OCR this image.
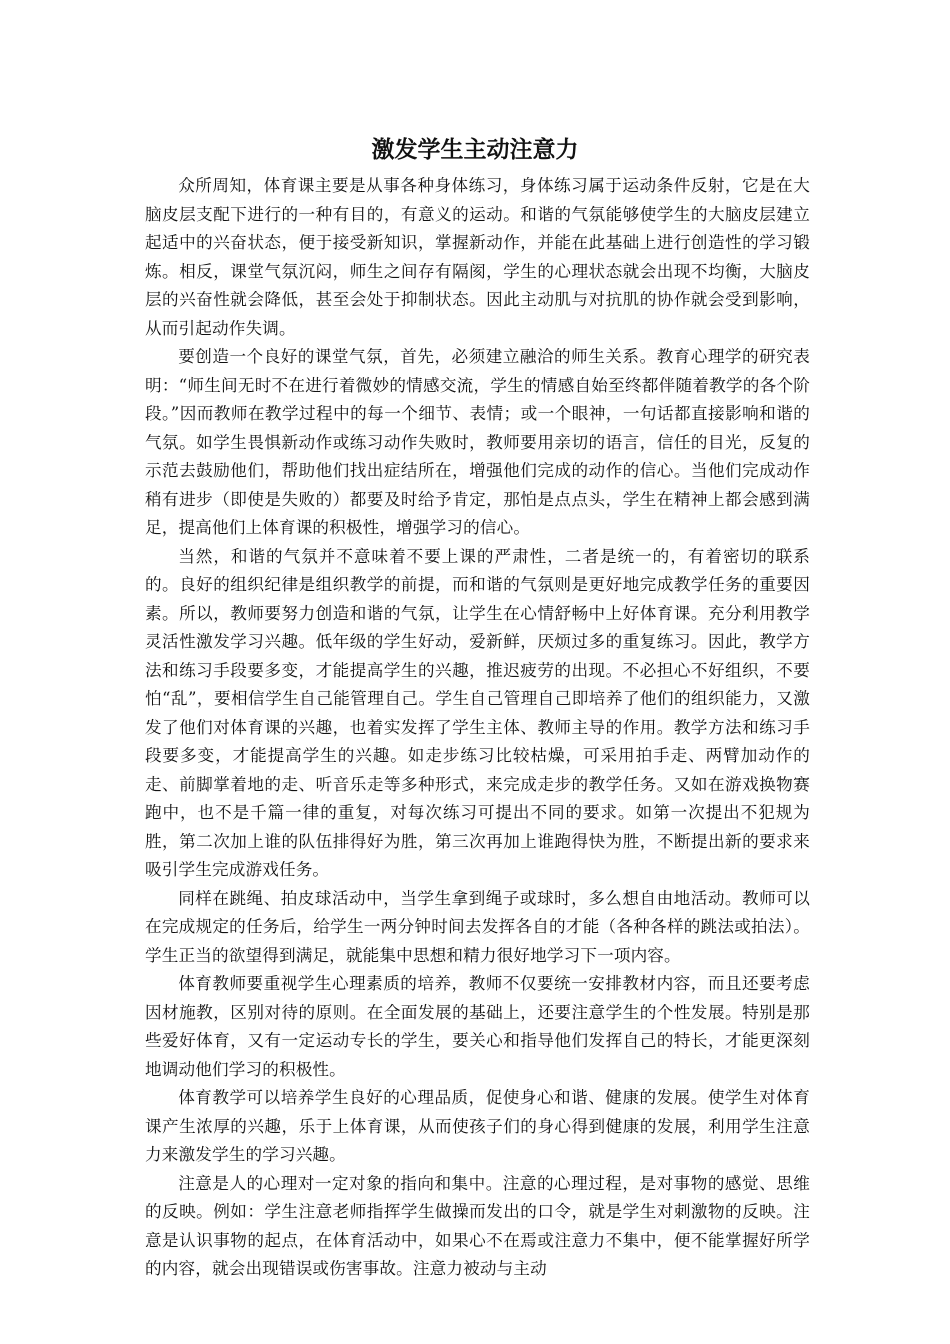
激发学生主动注意力

众所周知，体育课主要是从事各种身体练习，身体练习属于运动条件反射，它是在大脑皮层支配下进行的一种有目的，有意义的运动。和谐的气氛能够使学生的大脑皮层建立起适中的兴奋状态，便于接受新知识，掌握新动作，并能在此基础上进行创造性的学习锻炼。相反，课堂气氛沉闷，师生之间存有隔阂，学生的心理状态就会出现不均衡，大脑皮层的兴奋性就会降低，甚至会处于抑制状态。因此主动肌与对抗肌的协作就会受到影响，从而引起动作失调。

要创造一个良好的课堂气氛，首先，必须建立融洽的师生关系。教育心理学的研究表明：“师生间无时不在进行着微妙的情感交流，学生的情感自始至终都伴随着教学的各个阶段。”因而教师在教学过程中的每一个细节、表情；或一个眼神，一句话都直接影响和谐的气氛。如学生畏惧新动作或练习动作失败时，教师要用亲切的语言，信任的目光，反复的示范去鼓励他们，帮助他们找出症结所在，增强他们完成的动作的信心。当他们完成动作稍有进步（即使是失败的）都要及时给予肯定，那怕是点点头，学生在精神上都会感到满足，提高他们上体育课的积极性，增强学习的信心。

当然，和谐的气氛并不意味着不要上课的严肃性，二者是统一的，有着密切的联系的。良好的组织纪律是组织教学的前提，而和谐的气氛则是更好地完成教学任务的重要因素。所以，教师要努力创造和谐的气氛，让学生在心情舒畅中上好体育课。充分利用教学灵活性激发学习兴趣。低年级的学生好动，爱新鲜，厌烦过多的重复练习。因此，教学方法和练习手段要多变，才能提高学生的兴趣，推迟疲劳的出现。不必担心不好组织，不要怕“乱”，要相信学生自己能管理自己。学生自己管理自己即培养了他们的组织能力，又激发了他们对体育课的兴趣，也着实发挥了学生主体、教师主导的作用。教学方法和练习手段要多变，才能提高学生的兴趣。如走步练习比较枯燥，可采用拍手走、两臂加动作的走、前脚掌着地的走、听音乐走等多种形式，来完成走步的教学任务。又如在游戏换物赛跑中，也不是千篇一律的重复，对每次练习可提出不同的要求。如第一次提出不犯规为胜，第二次加上谁的队伍排得好为胜，第三次再加上谁跑得快为胜，不断提出新的要求来吸引学生完成游戏任务。

同样在跳绳、拍皮球活动中，当学生拿到绳子或球时，多么想自由地活动。教师可以在完成规定的任务后，给学生一两分钟时间去发挥各自的才能（各种各样的跳法或拍法）。学生正当的欲望得到满足，就能集中思想和精力很好地学习下一项内容。

体育教师要重视学生心理素质的培养，教师不仅要统一安排教材内容，而且还要考虑因材施教，区别对待的原则。在全面发展的基础上，还要注意学生的个性发展。特别是那些爱好体育，又有一定运动专长的学生，要关心和指导他们发挥自己的特长，才能更深刻地调动他们学习的积极性。

体育教学可以培养学生良好的心理品质，促使身心和谐、健康的发展。使学生对体育课产生浓厚的兴趣，乐于上体育课，从而使孩子们的身心得到健康的发展，利用学生注意力来激发学生的学习兴趣。

注意是人的心理对一定对象的指向和集中。注意的心理过程，是对事物的感觉、思维的反映。例如：学生注意老师指挥学生做操而发出的口令，就是学生对刺激物的反映。注意是认识事物的起点，在体育活动中，如果心不在焉或注意力不集中，便不能掌握好所学的内容，就会出现错误或伤害事故。注意力被动与主动
